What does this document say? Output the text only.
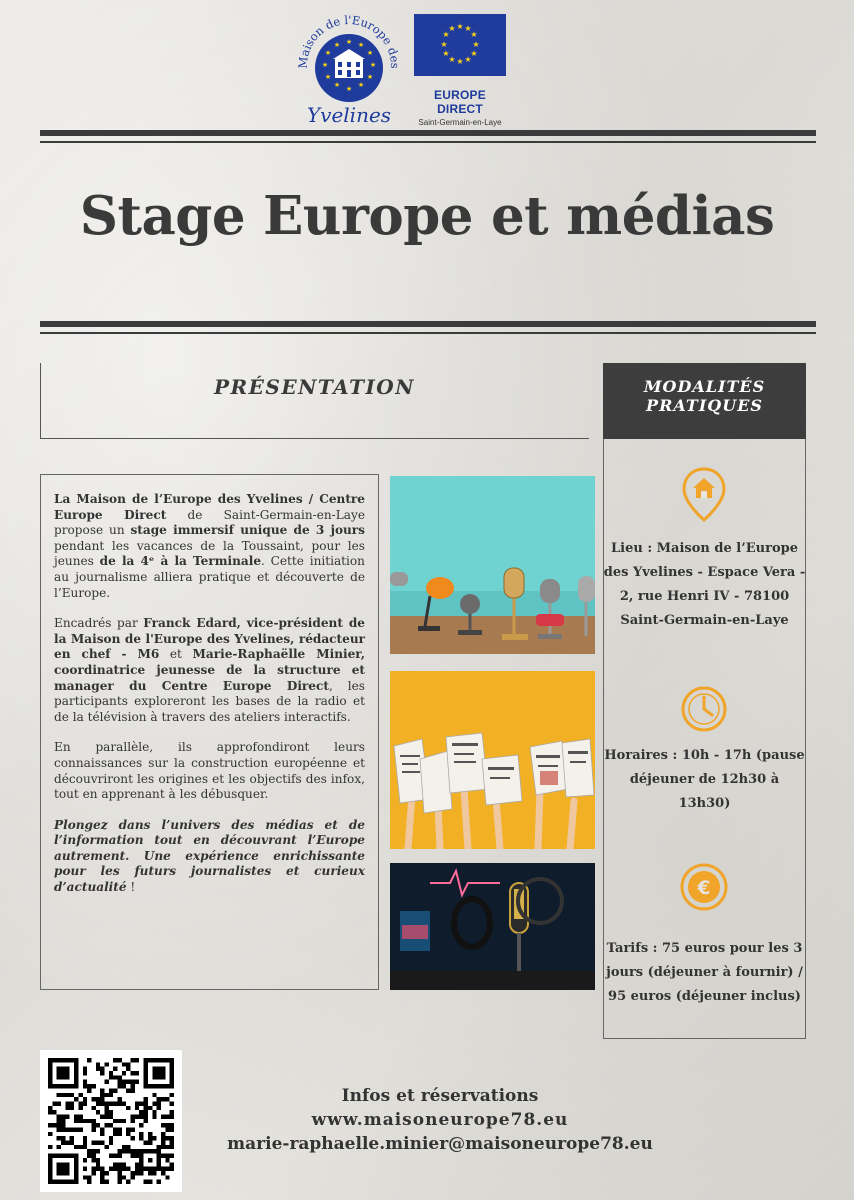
Maison de l'Europe des
★ ★
★
★
★
★
★
★
★
★
★
★
Yvelines
★ ★
★
★
★
★
★
★
★
★
★
★
EUROPE DIRECT
Saint-Germain-en-Laye
Stage Europe et médias
PRÉSENTATION	MODALITÉS
PRATIQUES
Lieu : Maison de l’Europe des Yvelines - Espace Vera - 2, rue Henri IV - 78100 Saint-Germain-en-Laye
Horaires : 10h - 17h (pause déjeuner de 12h30 à 13h30)
€
Tarifs : 75 euros pour les 3 jours (déjeuner à fournir) / 95 euros (déjeuner inclus)

La Maison de l’Europe des Yvelines / Centre Europe Direct de Saint-Germain-en-Laye propose un stage immersif unique de 3 jours pendant les vacances de la Toussaint, pour les jeunes de la 4ᵉ à la Terminale. Cette initiation au journalisme alliera pratique et découverte de l’Europe.

Encadrés par Franck Edard, vice-président de la Maison de l'Europe des Yvelines, rédacteur en chef - M6 et Marie-Raphaëlle Minier, coordinatrice jeunesse de la structure et manager du Centre Europe Direct, les participants exploreront les bases de la radio et de la télévision à travers des ateliers interactifs.

En parallèle, ils approfondiront leurs connaissances sur la construction européenne et découvriront les origines et les objectifs des infox, tout en apprenant à les débusquer.

Plongez dans l’univers des médias et de l’information tout en découvrant l’Europe autrement. Une expérience enrichissante pour les futurs journalistes et curieux d’actualité !

Infos et réservations
www.maisoneurope78.eu
marie-raphaelle.minier@maisoneurope78.eu
